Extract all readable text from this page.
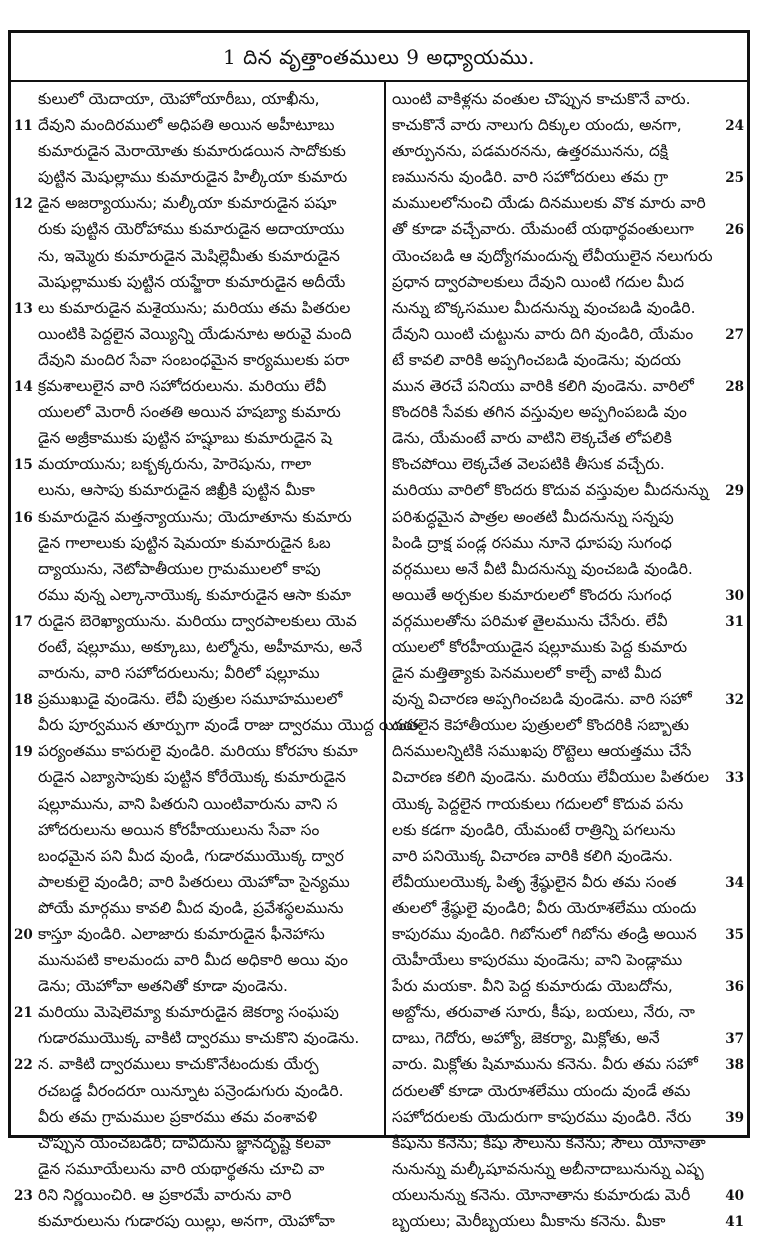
1 దిన వృత్తాంతములు 9 అధ్యాయము.
కులులో యెదాయా, యెహోయారీబు, యాఖీను,
11 దేవుని మందిరములో అధిపతి అయిన అహీటూబు
కుమారుడైన మెరాయోతు కుమారుడయిన సాదోకుకు
పుట్టిన మెషుల్లాము కుమారుడైన హిల్కీయా కుమారు
12 డైన అజర్యాయును; మల్కీయా కుమారుడైన పషూ
రుకు పుట్టిన యెరోహాము కుమారుడైన అదాయాయు
ను, ఇమ్మెరు కుమారుడైన మెషిల్లెమీతు కుమారుడైన
మెషుల్లాముకు పుట్టిన యహ్జేరా కుమారుడైన అదీయే
13 లు కుమారుడైన మశైయును; మరియు తమ పితరుల
యింటికి పెద్దలైన వెయ్యిన్ని యేడునూట అరువై మంది
దేవుని మందిర సేవా సంబంధమైన కార్యములకు పరా
14 క్రమశాలులైన వారి సహోదరులును. మరియు లేవీ
యులలో మెరారీ సంతతి అయిన హషబ్యా కుమారు
డైన అజ్రీకాముకు పుట్టిన హష్షూబు కుమారుడైన షె
15 మయాయును; బక్బక్కరును, హెరెషును, గాలా
లును, ఆసాపు కుమారుడైన జిఖ్రీకి పుట్టిన మీకా
16 కుమారుడైన మత్తన్యాయును; యెదూతూను కుమారు
డైన గాలాలుకు పుట్టిన షెమయా కుమారుడైన ఓబ
ద్యాయును, నెటోపాతీయుల గ్రామములలో కాపు
రము వున్న ఎల్కానాయొక్క కుమారుడైన ఆసా కుమా
17 రుడైన బెరెఖ్యాయును. మరియు ద్వారపాలకులు యెవ
రంటే, షల్లూము, అక్కూబు, టల్మోను, అహీమాను, అనే
వారును, వారి సహోదరులును; వీరిలో షల్లూము
18 ప్రముఖుడై వుండెను. లేవీ పుత్రుల సమూహములలో
వీరు పూర్వమున తూర్పుగా వుండే రాజు ద్వారము యొద్ద యింత
19 పర్యంతము కాపరులై వుండిరి. మరియు కోరహు కుమా
రుడైన ఎబ్యాసాపుకు పుట్టిన కోరేయొక్క కుమారుడైన
షల్లూమును, వాని పితరుని యింటివారును వాని స
హోదరులును అయిన కోరహీయులును సేవా సం
బంధమైన పని మీద వుండి, గుడారముయొక్క ద్వార
పాలకులై వుండిరి; వారి పితరులు యెహోవా సైన్యము
పోయే మార్గము కావలి మీద వుండి, ప్రవేశస్థలమును
20 కాస్తూ వుండిరి. ఎలాజారు కుమారుడైన ఫీనెహాసు
మునుపటి కాలమందు వారి మీద అధికారి అయి వుం
డెను; యెహోవా అతనితో కూడా వుండెను.
21 మరియు మెషెలెమ్యా కుమారుడైన జెకర్యా సంఘపు
గుడారముయొక్క వాకిటి ద్వారము కాచుకొని వుండెను.
22 న. వాకిటి ద్వారములు కాచుకొనేటందుకు యేర్ప
రచబడ్డ వీరందరూ యిన్నూట పన్రెండుగురు వుండిరి.
వీరు తమ గ్రామముల ప్రకారము తమ వంశావళి
చొప్పున యెంచబడిరి; దావీదును జ్ఞానదృష్టి కలవా
డైన సమూయేలును వారి యథార్థతను చూచి వా
23 రిని నిర్ణయించిరి. ఆ ప్రకారమే వారును వారి
కుమారులును గుడారపు యిల్లు, అనగా, యెహోవా
యింటి వాకిళ్లను వంతుల చొప్పున కాచుకొనే వారు.
కాచుకొనే వారు నాలుగు దిక్కుల యందు, అనగా,	24
తూర్పునను, పడమరనను, ఉత్తరమునను, దక్షి
ణమునను వుండిరి. వారి సహోదరులు తమ గ్రా	25
మములలోనుంచి యేడు దినములకు వొక మారు వారి
తో కూడా వచ్చేవారు. యేమంటే యథార్థవంతులుగా	26
యెంచబడి ఆ వుద్యోగమందున్న లేవీయులైన నలుగురు
ప్రధాన ద్వారపాలకులు దేవుని యింటి గదుల మీద
నున్ను బొక్కసముల మీదనున్ను వుంచబడి వుండిరి.
దేవుని యింటి చుట్టును వారు దిగి వుండిరి, యేమం	27
టే కావలి వారికి అప్పగించబడి వుండెను; వుదయ
మున తెరచే పనియు వారికి కలిగి వుండెను. వారిలో	28
కొందరికి సేవకు తగిన వస్తువుల అప్పగింపబడి వుం
డెను, యేమంటే వారు వాటిని లెక్కచేత లోపలికి
కొంచపోయి లెక్కచేత వెలపటికి తీసుక వచ్చేరు.
మరియు వారిలో కొందరు కొదువ వస్తువుల మీదనున్ను	29
పరిశుద్ధమైన పాత్రల అంతటి మీదనున్ను సన్నపు
పిండి ద్రాక్ష పండ్ల రసము నూనె ధూపపు సుగంధ
వర్గములు అనే వీటి మీదనున్ను వుంచబడి వుండిరి.
అయితే అర్చకుల కుమారులలో కొందరు సుగంధ	30
వర్గములతోను పరిమళ తైలమును చేసేరు. లేవీ	31
యులలో కోరహీయుడైన షల్లూముకు పెద్ద కుమారు
డైన మత్తిత్యాకు పెనములలో కాల్చే వాటి మీద
వున్న విచారణ అప్పగించబడి వుండెను. వారి సహో	32
దరులైన కెహాతీయుల పుత్రులలో కొందరికి సబ్బాతు
దినములన్నిటికి సముఖపు రొట్టెలు ఆయత్తము చేసే
విచారణ కలిగి వుండెను. మరియు లేవీయుల పితరుల	33
యొక్క పెద్దలైన గాయకులు గదులలో కొదువ పను
లకు కడగా వుండిరి, యేమంటే రాత్రిన్ని పగలును
వారి పనియొక్క విచారణ వారికి కలిగి వుండెను.
లేవీయులయొక్క పితృ శ్రేష్ఠులైన వీరు తమ సంత	34
తులలో శ్రేష్ఠులై వుండిరి; వీరు యెరూశలేము యందు
కాపురము వుండిరి. గిబోనులో గిబోను తండ్రి అయిన	35
యెహీయేలు కాపురము వుండెను; వాని పెండ్లాము
పేరు మయకా. వీని పెద్ద కుమారుడు యెబదోను,	36
అబ్దోను, తరువాత సూరు, కీషు, బయలు, నేరు, నా
దాబు, గెదోరు, అహ్యో, జెకర్యా, మిక్లోతు, అనే	37
వారు. మిక్లోతు షిమామును కనెను. వీరు తమ సహో	38
దరులతో కూడా యెరూశలేము యందు వుండే తమ
సహోదరులకు యెదురుగా కాపురము వుండిరి. నేరు	39
కీషును కనెను; కీషు సౌలును కనెను; సౌలు యోనాతా
నునున్ను మల్కీషూవనున్ను అబీనాదాబునున్ను ఎష్బ
యలునున్ను కనెను. యోనాతాను కుమారుడు మెరీ	40
బ్బయలు; మెరీబ్బయలు మీకాను కనెను. మీకా	41
